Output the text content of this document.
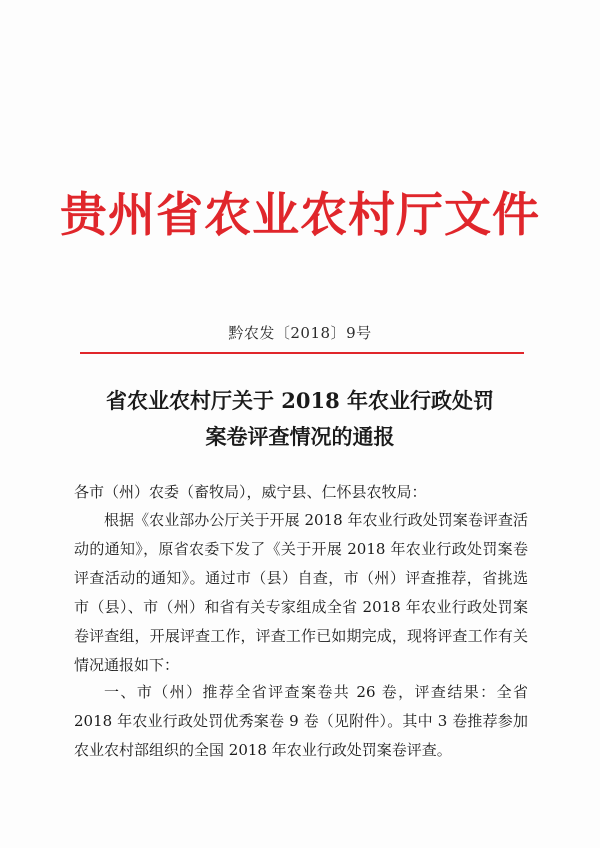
贵州省农业农村厅文件
黔农发〔2018〕9号
省农业农村厅关于 2018 年农业行政处罚
案卷评查情况的通报
各市（州）农委（畜牧局），威宁县、仁怀县农牧局：

根据《农业部办公厅关于开展 2018 年农业行政处罚案卷评查活动的通知》，原省农委下发了《关于开展 2018 年农业行政处罚案卷评查活动的通知》。通过市（县）自查，市（州）评查推荐，省挑选市（县）、市（州）和省有关专家组成全省 2018 年农业行政处罚案卷评查组，开展评查工作，评查工作已如期完成，现将评查工作有关情况通报如下：

一、市（州）推荐全省评查案卷共 26 卷，评查结果：全省 2018 年农业行政处罚优秀案卷 9 卷（见附件）。其中 3 卷推荐参加农业农村部组织的全国 2018 年农业行政处罚案卷评查。
